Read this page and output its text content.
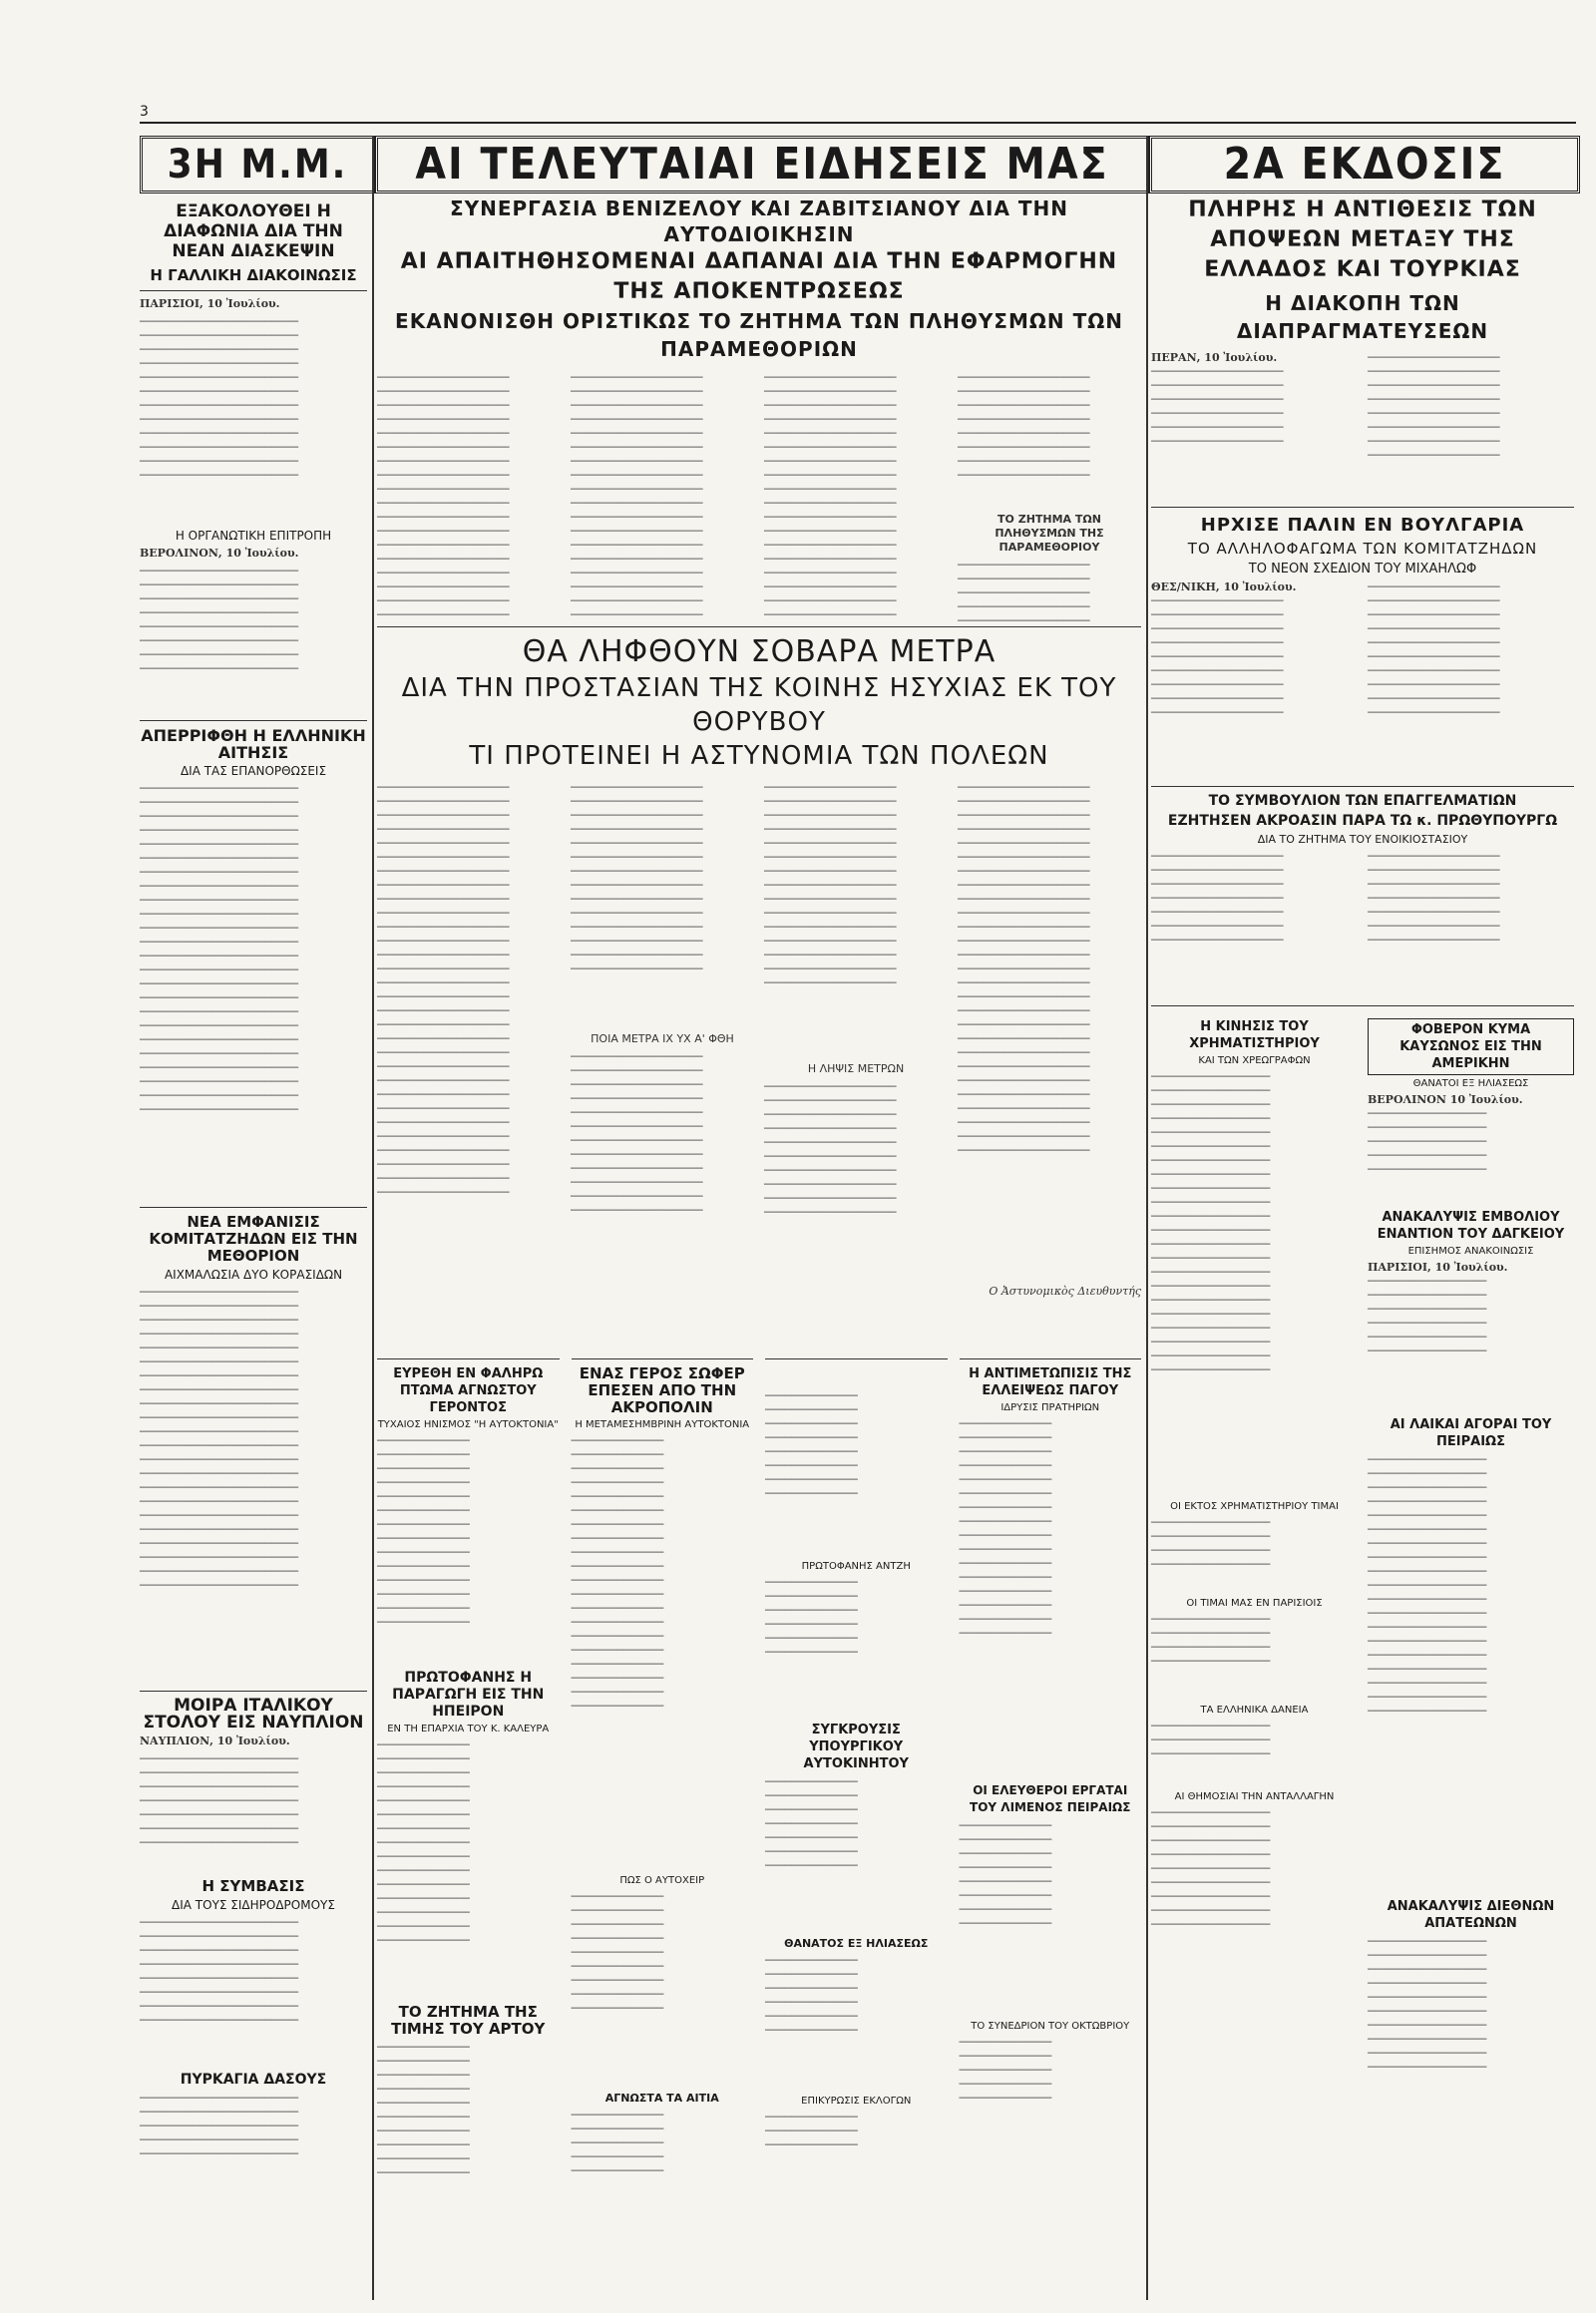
3
3Η Μ.Μ.	ΑΙ ΤΕΛΕΥΤΑΙΑΙ ΕΙΔΗΣΕΙΣ ΜΑΣ	2Α ΕΚΔΟΣΙΣ
ΕΞΑΚΟΛΟΥΘΕΙ Η ΔΙΑΦΩΝΙΑ ΔΙΑ ΤΗΝ ΝΕΑΝ ΔΙΑΣΚΕΨΙΝ
Η ΓΑΛΛΙΚΗ ΔΙΑΚΟΙΝΩΣΙΣ

ΠΑΡΙΣΙΟΙ, 10 Ἰουλίου.

──────────────────────── ──────────────────────── ──────────────────────── ──────────────────────── ──────────────────────── ──────────────────────── ──────────────────────── ──────────────────────── ──────────────────────── ──────────────────────── ──────────────────────── ────────────────────────

Η ΟΡΓΑΝΩΤΙΚΗ ΕΠΙΤΡΟΠΗ

ΒΕΡΟΛΙΝΟΝ, 10 Ἰουλίου.

──────────────────────── ──────────────────────── ──────────────────────── ──────────────────────── ──────────────────────── ──────────────────────── ──────────────────────── ────────────────────────

ΑΠΕΡΡΙΦΘΗ Η ΕΛΛΗΝΙΚΗ ΑΙΤΗΣΙΣ
ΔΙΑ ΤΑΣ ΕΠΑΝΟΡΘΩΣΕΙΣ

──────────────────────── ──────────────────────── ──────────────────────── ──────────────────────── ──────────────────────── ──────────────────────── ──────────────────────── ──────────────────────── ──────────────────────── ──────────────────────── ──────────────────────── ──────────────────────── ──────────────────────── ──────────────────────── ──────────────────────── ──────────────────────── ──────────────────────── ──────────────────────── ──────────────────────── ──────────────────────── ──────────────────────── ──────────────────────── ──────────────────────── ────────────────────────

ΝΕΑ ΕΜΦΑΝΙΣΙΣ ΚΟΜΙΤΑΤΖΗΔΩΝ ΕΙΣ ΤΗΝ ΜΕΘΟΡΙΟΝ
ΑΙΧΜΑΛΩΣΙΑ ΔΥΟ ΚΟΡΑΣΙΔΩΝ

──────────────────────── ──────────────────────── ──────────────────────── ──────────────────────── ──────────────────────── ──────────────────────── ──────────────────────── ──────────────────────── ──────────────────────── ──────────────────────── ──────────────────────── ──────────────────────── ──────────────────────── ──────────────────────── ──────────────────────── ──────────────────────── ──────────────────────── ──────────────────────── ──────────────────────── ──────────────────────── ──────────────────────── ────────────────────────

ΜΟΙΡΑ ΙΤΑΛΙΚΟΥ ΣΤΟΛΟΥ ΕΙΣ ΝΑΥΠΛΙΟΝ

ΝΑΥΠΛΙΟΝ, 10 Ἰουλίου.

──────────────────────── ──────────────────────── ──────────────────────── ──────────────────────── ──────────────────────── ──────────────────────── ────────────────────────

Η ΣΥΜΒΑΣΙΣ
ΔΙΑ ΤΟΥΣ ΣΙΔΗΡΟΔΡΟΜΟΥΣ

──────────────────────── ──────────────────────── ──────────────────────── ──────────────────────── ──────────────────────── ──────────────────────── ──────────────────────── ────────────────────────

ΠΥΡΚΑΓΙΑ ΔΑΣΟΥΣ

──────────────────────── ──────────────────────── ──────────────────────── ──────────────────────── ────────────────────────

ΣΥΝΕΡΓΑΣΙΑ ΒΕΝΙΖΕΛΟΥ ΚΑΙ ΖΑΒΙΤΣΙΑΝΟΥ ΔΙΑ ΤΗΝ ΑΥΤΟΔΙΟΙΚΗΣΙΝ
ΑΙ ΑΠΑΙΤΗΘΗΣΟΜΕΝΑΙ ΔΑΠΑΝΑΙ ΔΙΑ ΤΗΝ ΕΦΑΡΜΟΓΗΝ ΤΗΣ ΑΠΟΚΕΝΤΡΩΣΕΩΣ
ΕΚΑΝΟΝΙΣΘΗ ΟΡΙΣΤΙΚΩΣ ΤΟ ΖΗΤΗΜΑ ΤΩΝ ΠΛΗΘΥΣΜΩΝ ΤΩΝ ΠΑΡΑΜΕΘΟΡΙΩΝ
──────────────────── ──────────────────── ──────────────────── ──────────────────── ──────────────────── ──────────────────── ──────────────────── ──────────────────── ──────────────────── ──────────────────── ──────────────────── ──────────────────── ──────────────────── ──────────────────── ──────────────────── ──────────────────── ──────────────────── ────────────────────
──────────────────── ──────────────────── ──────────────────── ──────────────────── ──────────────────── ──────────────────── ──────────────────── ──────────────────── ──────────────────── ──────────────────── ──────────────────── ──────────────────── ──────────────────── ──────────────────── ──────────────────── ──────────────────── ──────────────────── ────────────────────
──────────────────── ──────────────────── ──────────────────── ──────────────────── ──────────────────── ──────────────────── ──────────────────── ──────────────────── ──────────────────── ──────────────────── ──────────────────── ──────────────────── ──────────────────── ──────────────────── ──────────────────── ──────────────────── ──────────────────── ────────────────────
──────────────────── ──────────────────── ──────────────────── ──────────────────── ──────────────────── ──────────────────── ──────────────────── ────────────────────
ΤΟ ΖΗΤΗΜΑ ΤΩΝ ΠΛΗΘΥΣΜΩΝ ΤΗΣ ΠΑΡΑΜΕΘΟΡΙΟΥ
──────────────────── ──────────────────── ──────────────────── ──────────────────── ────────────────────
ΘΑ ΛΗΦΘΟΥΝ ΣΟΒΑΡΑ ΜΕΤΡΑ
ΔΙΑ ΤΗΝ ΠΡΟΣΤΑΣΙΑΝ ΤΗΣ ΚΟΙΝΗΣ ΗΣΥΧΙΑΣ ΕΚ ΤΟΥ ΘΟΡΥΒΟΥ
ΤΙ ΠΡΟΤΕΙΝΕΙ Η ΑΣΤΥΝΟΜΙΑ ΤΩΝ ΠΟΛΕΩΝ
──────────────────── ──────────────────── ──────────────────── ──────────────────── ──────────────────── ──────────────────── ──────────────────── ──────────────────── ──────────────────── ──────────────────── ──────────────────── ──────────────────── ──────────────────── ──────────────────── ──────────────────── ──────────────────── ──────────────────── ──────────────────── ──────────────────── ──────────────────── ──────────────────── ──────────────────── ──────────────────── ──────────────────── ──────────────────── ──────────────────── ──────────────────── ──────────────────── ──────────────────── ────────────────────
──────────────────── ──────────────────── ──────────────────── ──────────────────── ──────────────────── ──────────────────── ──────────────────── ──────────────────── ──────────────────── ──────────────────── ──────────────────── ──────────────────── ──────────────────── ────────────────────
ΠΟΙΑ ΜΕΤΡΑ ΙΧ ΥΧ Α' ΦΘΗ
──────────────────── ──────────────────── ──────────────────── ──────────────────── ──────────────────── ──────────────────── ──────────────────── ──────────────────── ──────────────────── ──────────────────── ──────────────────── ────────────────────
──────────────────── ──────────────────── ──────────────────── ──────────────────── ──────────────────── ──────────────────── ──────────────────── ──────────────────── ──────────────────── ──────────────────── ──────────────────── ──────────────────── ──────────────────── ──────────────────── ────────────────────
Η ΛΗΨΙΣ ΜΕΤΡΩΝ
──────────────────── ──────────────────── ──────────────────── ──────────────────── ──────────────────── ──────────────────── ──────────────────── ──────────────────── ──────────────────── ────────────────────
──────────────────── ──────────────────── ──────────────────── ──────────────────── ──────────────────── ──────────────────── ──────────────────── ──────────────────── ──────────────────── ──────────────────── ──────────────────── ──────────────────── ──────────────────── ──────────────────── ──────────────────── ──────────────────── ──────────────────── ──────────────────── ──────────────────── ──────────────────── ──────────────────── ──────────────────── ──────────────────── ──────────────────── ──────────────────── ──────────────────── ────────────────────
Ο Ἀστυνομικὸς Διευθυντής
ΕΥΡΕΘΗ ΕΝ ΦΑΛΗΡΩ ΠΤΩΜΑ ΑΓΝΩΣΤΟΥ ΓΕΡΟΝΤΟΣ
ΤΥΧΑΙΟΣ ΗΝΙΣΜΟΣ "Η ΑΥΤΟΚΤΟΝΙΑ"
────────────── ────────────── ────────────── ────────────── ────────────── ────────────── ────────────── ────────────── ────────────── ────────────── ────────────── ────────────── ────────────── ──────────────
ΠΡΩΤΟΦΑΝΗΣ Η ΠΑΡΑΓΩΓΗ ΕΙΣ ΤΗΝ ΗΠΕΙΡΟΝ
ΕΝ ΤΗ ΕΠΑΡΧΙΑ ΤΟΥ Κ. ΚΑΛΕΥΡΑ
────────────── ────────────── ────────────── ────────────── ────────────── ────────────── ────────────── ────────────── ────────────── ────────────── ────────────── ────────────── ────────────── ────────────── ──────────────
ΤΟ ΖΗΤΗΜΑ ΤΗΣ ΤΙΜΗΣ ΤΟΥ ΑΡΤΟΥ
────────────── ────────────── ────────────── ────────────── ────────────── ────────────── ────────────── ────────────── ────────────── ──────────────
ΕΝΑΣ ΓΕΡΟΣ ΣΩΦΕΡ ΕΠΕΣΕΝ ΑΠΟ ΤΗΝ ΑΚΡΟΠΟΛΙΝ
Η ΜΕΤΑΜΕΣΗΜΒΡΙΝΗ ΑΥΤΟΚΤΟΝΙΑ
────────────── ────────────── ────────────── ────────────── ────────────── ────────────── ────────────── ────────────── ────────────── ────────────── ────────────── ────────────── ────────────── ────────────── ────────────── ────────────── ────────────── ────────────── ────────────── ──────────────
ΠΩΣ Ο ΑΥΤΟΧΕΙΡ
────────────── ────────────── ────────────── ────────────── ────────────── ────────────── ────────────── ────────────── ──────────────
ΑΓΝΩΣΤΑ ΤΑ ΑΙΤΙΑ
────────────── ────────────── ────────────── ────────────── ──────────────
────────────── ────────────── ────────────── ────────────── ────────────── ────────────── ────────────── ──────────────
ΠΡΩΤΟΦΑΝΗΣ ΑΝΤΖΗ
────────────── ────────────── ────────────── ────────────── ────────────── ──────────────
ΣΥΓΚΡΟΥΣΙΣ ΥΠΟΥΡΓΙΚΟΥ ΑΥΤΟΚΙΝΗΤΟΥ
────────────── ────────────── ────────────── ────────────── ────────────── ────────────── ──────────────
ΘΑΝΑΤΟΣ ΕΞ ΗΛΙΑΣΕΩΣ
────────────── ────────────── ────────────── ────────────── ────────────── ──────────────
ΕΠΙΚΥΡΩΣΙΣ ΕΚΛΟΓΩΝ
────────────── ────────────── ──────────────
Η ΑΝΤΙΜΕΤΩΠΙΣΙΣ ΤΗΣ ΕΛΛΕΙΨΕΩΣ ΠΑΓΟΥ
ΙΔΡΥΣΙΣ ΠΡΑΤΗΡΙΩΝ
────────────── ────────────── ────────────── ────────────── ────────────── ────────────── ────────────── ────────────── ────────────── ────────────── ────────────── ────────────── ────────────── ────────────── ────────────── ──────────────
ΟΙ ΕΛΕΥΘΕΡΟΙ ΕΡΓΑΤΑΙ ΤΟΥ ΛΙΜΕΝΟΣ ΠΕΙΡΑΙΩΣ
────────────── ────────────── ────────────── ────────────── ────────────── ────────────── ────────────── ──────────────
ΤΟ ΣΥΝΕΔΡΙΟΝ ΤΟΥ ΟΚΤΩΒΡΙΟΥ
────────────── ────────────── ────────────── ────────────── ──────────────
ΠΛΗΡΗΣ Η ΑΝΤΙΘΕΣΙΣ ΤΩΝ ΑΠΟΨΕΩΝ ΜΕΤΑΞΥ ΤΗΣ ΕΛΛΑΔΟΣ ΚΑΙ ΤΟΥΡΚΙΑΣ
Η ΔΙΑΚΟΠΗ ΤΩΝ ΔΙΑΠΡΑΓΜΑΤΕΥΣΕΩΝ
ΠΕΡΑΝ, 10 Ἰουλίου.
──────────────────── ──────────────────── ──────────────────── ──────────────────── ──────────────────── ────────────────────
──────────────────── ──────────────────── ──────────────────── ──────────────────── ──────────────────── ──────────────────── ──────────────────── ────────────────────
ΗΡΧΙΣΕ ΠΑΛΙΝ ΕΝ ΒΟΥΛΓΑΡΙΑ
ΤΟ ΑΛΛΗΛΟΦΑΓΩΜΑ ΤΩΝ ΚΟΜΙΤΑΤΖΗΔΩΝ
ΤΟ ΝΕΟΝ ΣΧΕΔΙΟΝ ΤΟΥ ΜΙΧΑΗΛΩΦ
ΘΕΣ/ΝΙΚΗ, 10 Ἰουλίου.
──────────────────── ──────────────────── ──────────────────── ──────────────────── ──────────────────── ──────────────────── ──────────────────── ──────────────────── ────────────────────
──────────────────── ──────────────────── ──────────────────── ──────────────────── ──────────────────── ──────────────────── ──────────────────── ──────────────────── ──────────────────── ────────────────────
ΤΟ ΣΥΜΒΟΥΛΙΟΝ ΤΩΝ ΕΠΑΓΓΕΛΜΑΤΙΩΝ
ΕΖΗΤΗΣΕΝ ΑΚΡΟΑΣΙΝ ΠΑΡΑ ΤΩ κ. ΠΡΩΘΥΠΟΥΡΓΩ
ΔΙΑ ΤΟ ΖΗΤΗΜΑ ΤΟΥ ΕΝΟΙΚΙΟΣΤΑΣΙΟΥ
──────────────────── ──────────────────── ──────────────────── ──────────────────── ──────────────────── ──────────────────── ────────────────────
──────────────────── ──────────────────── ──────────────────── ──────────────────── ──────────────────── ──────────────────── ────────────────────
Η ΚΙΝΗΣΙΣ ΤΟΥ ΧΡΗΜΑΤΙΣΤΗΡΙΟΥ
ΚΑΙ ΤΩΝ ΧΡΕΩΓΡΑΦΩΝ
────────────────── ────────────────── ────────────────── ────────────────── ────────────────── ────────────────── ────────────────── ────────────────── ────────────────── ────────────────── ────────────────── ────────────────── ────────────────── ────────────────── ────────────────── ────────────────── ────────────────── ────────────────── ────────────────── ────────────────── ────────────────── ──────────────────
ΟΙ ΕΚΤΟΣ ΧΡΗΜΑΤΙΣΤΗΡΙΟΥ ΤΙΜΑΙ
────────────────── ────────────────── ────────────────── ──────────────────
ΟΙ ΤΙΜΑΙ ΜΑΣ ΕΝ ΠΑΡΙΣΙΟΙΣ
────────────────── ────────────────── ────────────────── ──────────────────
ΤΑ ΕΛΛΗΝΙΚΑ ΔΑΝΕΙΑ
────────────────── ────────────────── ──────────────────
ΑΙ ΘΗΜΟΣΙΑΙ ΤΗΝ ΑΝΤΑΛΛΑΓΗΝ
────────────────── ────────────────── ────────────────── ────────────────── ────────────────── ────────────────── ────────────────── ────────────────── ──────────────────
ΦΟΒΕΡΟΝ ΚΥΜΑ ΚΑΥΣΩΝΟΣ ΕΙΣ ΤΗΝ ΑΜΕΡΙΚΗΝ
ΘΑΝΑΤΟΙ ΕΞ ΗΛΙΑΣΕΩΣ
ΒΕΡΟΛΙΝΟΝ 10 Ἰουλίου.
────────────────── ────────────────── ────────────────── ────────────────── ──────────────────
ΑΝΑΚΑΛΥΨΙΣ ΕΜΒΟΛΙΟΥ ΕΝΑΝΤΙΟΝ ΤΟΥ ΔΑΓΚΕΙΟΥ
ΕΠΙΣΗΜΟΣ ΑΝΑΚΟΙΝΩΣΙΣ
ΠΑΡΙΣΙΟΙ, 10 Ἰουλίου.
────────────────── ────────────────── ────────────────── ────────────────── ────────────────── ──────────────────
ΑΙ ΛΑΙΚΑΙ ΑΓΟΡΑΙ ΤΟΥ ΠΕΙΡΑΙΩΣ
────────────────── ────────────────── ────────────────── ────────────────── ────────────────── ────────────────── ────────────────── ────────────────── ────────────────── ────────────────── ────────────────── ────────────────── ────────────────── ────────────────── ────────────────── ────────────────── ────────────────── ────────────────── ──────────────────
ΑΝΑΚΑΛΥΨΙΣ ΔΙΕΘΝΩΝ ΑΠΑΤΕΩΝΩΝ
────────────────── ────────────────── ────────────────── ────────────────── ────────────────── ────────────────── ────────────────── ────────────────── ────────────────── ──────────────────
